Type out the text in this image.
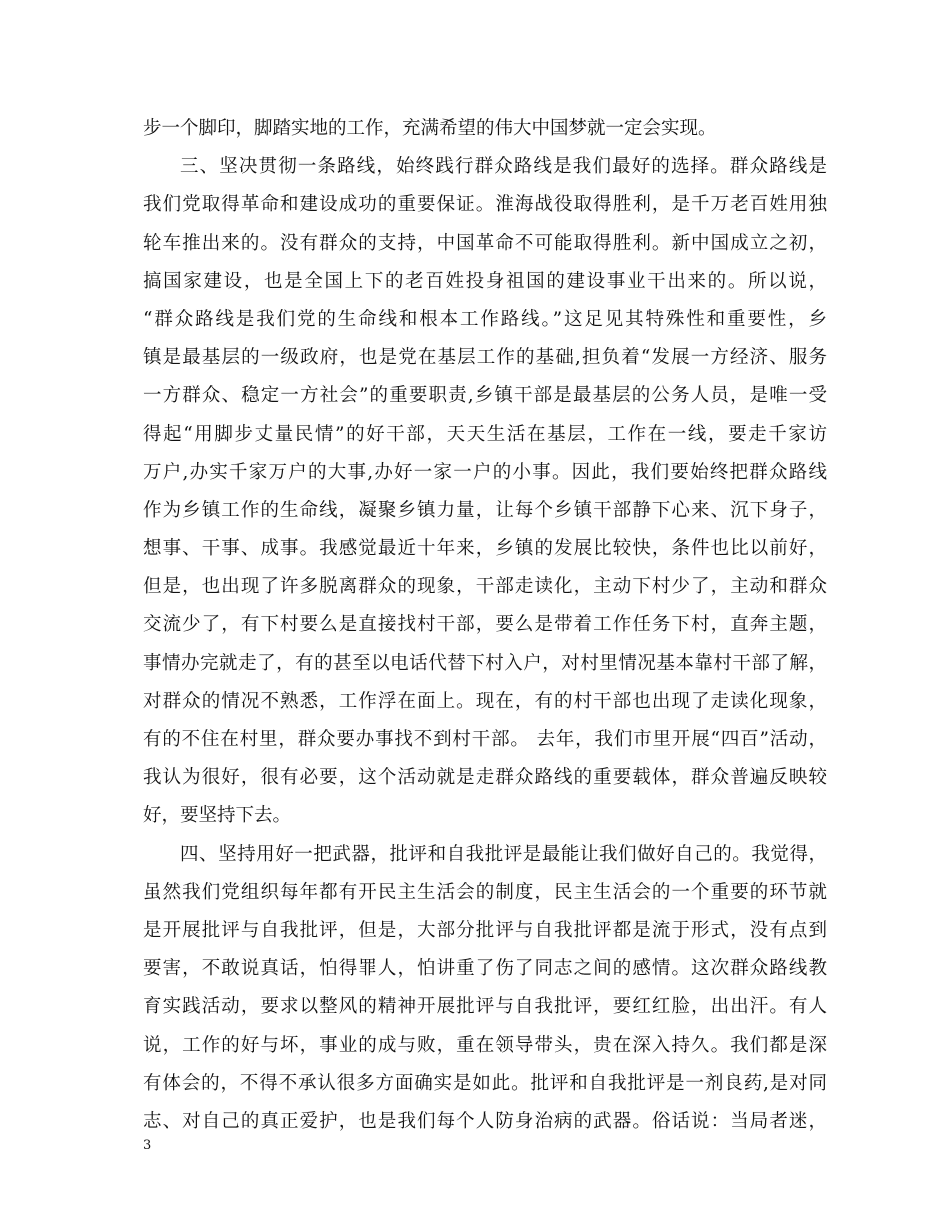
步一个脚印，脚踏实地的工作，充满希望的伟大中国梦就一定会实现。
三、坚决贯彻一条路线，始终践行群众路线是我们最好的选择。群众路线是
我们党取得革命和建设成功的重要保证。淮海战役取得胜利，是千万老百姓用独
轮车推出来的。没有群众的支持，中国革命不可能取得胜利。新中国成立之初，
搞国家建设，也是全国上下的老百姓投身祖国的建设事业干出来的。所以说，
“群众路线是我们党的生命线和根本工作路线。”这足见其特殊性和重要性，乡
镇是最基层的一级政府，也是党在基层工作的基础,担负着“发展一方经济、服务
一方群众、稳定一方社会”的重要职责,乡镇干部是最基层的公务人员，是唯一受
得起“用脚步丈量民情”的好干部，天天生活在基层，工作在一线，要走千家访
万户,办实千家万户的大事,办好一家一户的小事。因此，我们要始终把群众路线
作为乡镇工作的生命线，凝聚乡镇力量，让每个乡镇干部静下心来、沉下身子，
想事、干事、成事。我感觉最近十年来，乡镇的发展比较快，条件也比以前好，
但是，也出现了许多脱离群众的现象，干部走读化，主动下村少了，主动和群众
交流少了，有下村要么是直接找村干部，要么是带着工作任务下村，直奔主题，
事情办完就走了，有的甚至以电话代替下村入户，对村里情况基本靠村干部了解，
对群众的情况不熟悉，工作浮在面上。现在，有的村干部也出现了走读化现象，
有的不住在村里，群众要办事找不到村干部。 去年，我们市里开展“四百”活动，
我认为很好，很有必要，这个活动就是走群众路线的重要载体，群众普遍反映较
好，要坚持下去。
四、坚持用好一把武器，批评和自我批评是最能让我们做好自己的。我觉得，
虽然我们党组织每年都有开民主生活会的制度，民主生活会的一个重要的环节就
是开展批评与自我批评，但是，大部分批评与自我批评都是流于形式，没有点到
要害，不敢说真话，怕得罪人，怕讲重了伤了同志之间的感情。这次群众路线教
育实践活动，要求以整风的精神开展批评与自我批评，要红红脸，出出汗。有人
说，工作的好与坏，事业的成与败，重在领导带头，贵在深入持久。我们都是深
有体会的，不得不承认很多方面确实是如此。批评和自我批评是一剂良药,是对同
志、对自己的真正爱护，也是我们每个人防身治病的武器。俗话说：当局者迷，
3
